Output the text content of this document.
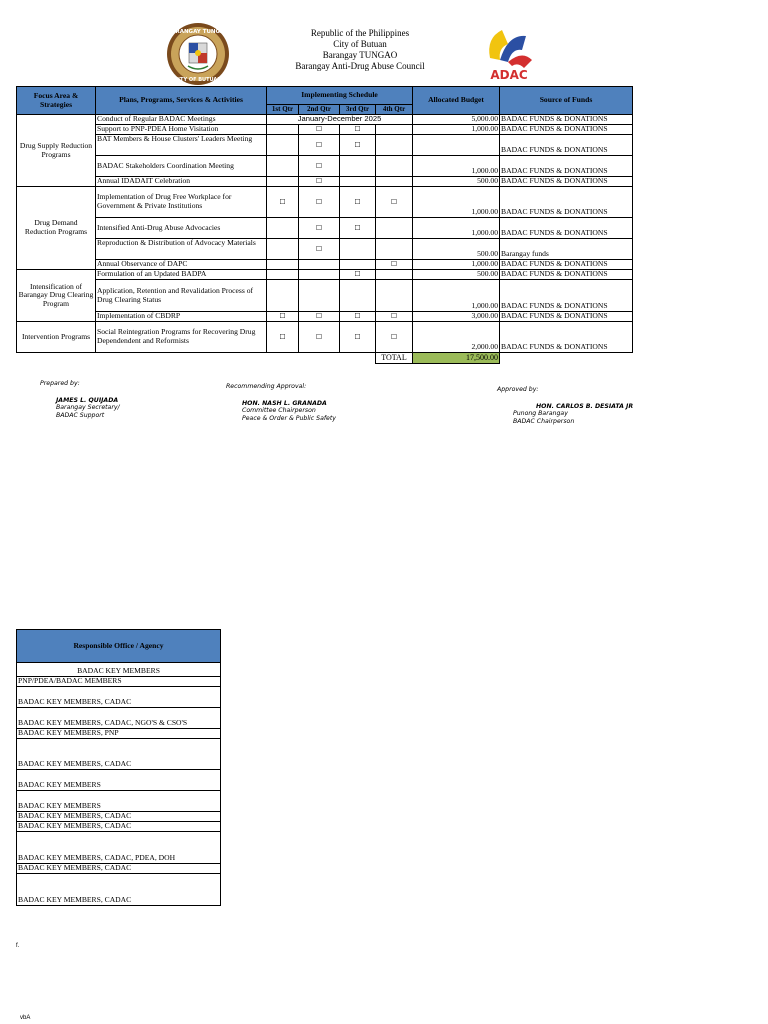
BARANGAY TUNGAO
CITY OF BUTUAN
Republic of the Philippines
City of Butuan
Barangay TUNGAO
Barangay Anti-Drug Abuse Council
ADAC
Focus Area & Strategies	Plans, Programs, Services & Activities	Implementing Schedule				Allocated Budget	Source of Funds
		1st Qtr	2nd Qtr	3rd Qtr	4th Qtr		
Drug Supply Reduction Programs	Conduct of Regular BADAC Meetings	January-December 2025				5,000.00	BADAC FUNDS & DONATIONS
	Support to PNP-PDEA Home Visitation		☐	☐		1,000.00	BADAC FUNDS & DONATIONS
	BAT Members & House Clusters' Leaders Meeting		☐	☐			BADAC FUNDS & DONATIONS
	BADAC Stakeholders Coordination Meeting		☐			1,000.00	BADAC FUNDS & DONATIONS
	Annual IDADAIT Celebration		☐			500.00	BADAC FUNDS & DONATIONS
Drug Demand Reduction Programs	Implementation of Drug Free Workplace for Government & Private Institutions	☐	☐	☐	☐	1,000.00	BADAC FUNDS & DONATIONS
	Intensified Anti-Drug Abuse Advocacies		☐	☐		1,000.00	BADAC FUNDS & DONATIONS
	Reproduction & Distribution of Advocacy Materials		☐			500.00	Barangay funds
	Annual Observance of DAPC				☐	1,000.00	BADAC FUNDS & DONATIONS
Intensification of Barangay Drug Clearing Program	Formulation of an Updated BADPA			☐		500.00	BADAC FUNDS & DONATIONS
	Application, Retention and Revalidation Process of Drug Clearing Status					1,000.00	BADAC FUNDS & DONATIONS
	Implementation of CBDRP	☐	☐	☐	☐	3,000.00	BADAC FUNDS & DONATIONS
Intervention Programs	Social Reintegration Programs for Recovering Drug Dependendent and Reformists	☐	☐	☐	☐	2,000.00	BADAC FUNDS & DONATIONS
					TOTAL	17,500.00	
Prepared by:
JAMES L. QUIJADA
Barangay Secretary/
BADAC Support
Recommending Approval:
HON. NASH L. GRANADA
Committee Chairperson
Peace & Order & Public Safety
Approved by:
HON. CARLOS B. DESIATA JR
Punong Barangay
BADAC Chairperson
Responsible Office / Agency
BADAC KEY MEMBERS
PNP/PDEA/BADAC MEMBERS
BADAC KEY MEMBERS, CADAC
BADAC KEY MEMBERS, CADAC, NGO'S & CSO'S
BADAC KEY MEMBERS, PNP
BADAC KEY MEMBERS, CADAC
BADAC KEY MEMBERS
BADAC KEY MEMBERS
BADAC KEY MEMBERS, CADAC
BADAC KEY MEMBERS, CADAC
BADAC KEY MEMBERS, CADAC, PDEA, DOH
BADAC KEY MEMBERS, CADAC
BADAC KEY MEMBERS, CADAC
f.
vbA
